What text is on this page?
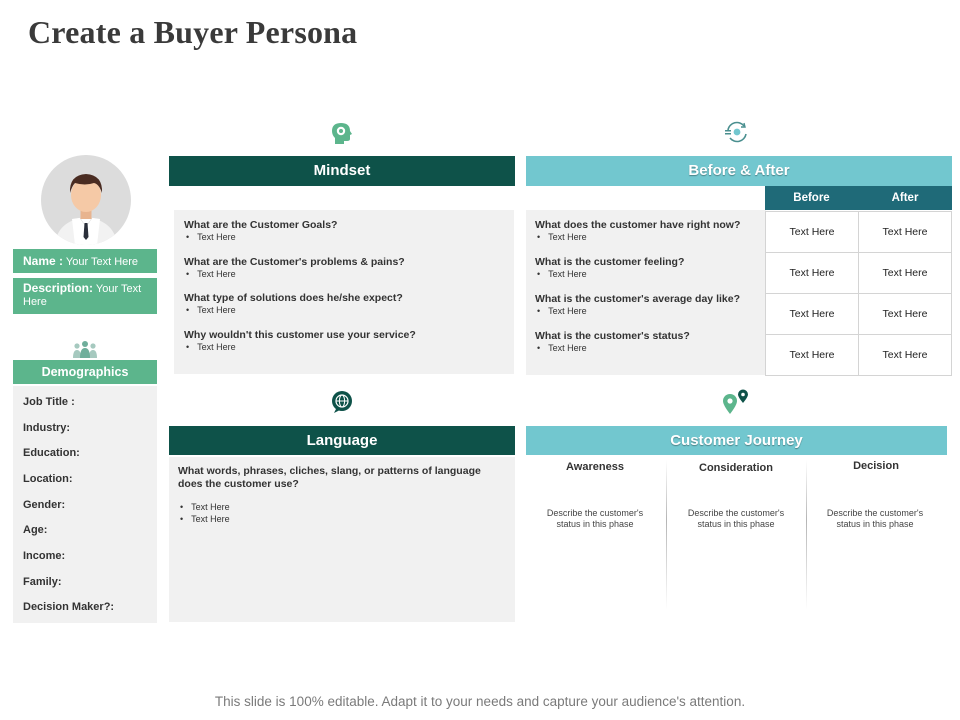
Create a Buyer Persona
Name : Your Text Here
Description: Your Text Here
Demographics
Job Title :
Industry:
Education:
Location:
Gender:
Age:
Income:
Family:
Decision Maker?:
Mindset
What are the Customer Goals?
• Text Here
What are the Customer's problems & pains?
• Text Here
What type of solutions does he/she expect?
• Text Here
Why wouldn't this customer use your service?
• Text Here
Before & After
What does the customer have right now?
• Text Here
What is the customer feeling?
• Text Here
What is the customer's average day like?
• Text Here
What is the customer's status?
• Text Here
Before	After
Text Here	Text Here
Text Here	Text Here
Text Here	Text Here
Text Here	Text Here
Language
What words, phrases, cliches, slang, or patterns of language does the customer use?
• Text Here
• Text Here
Customer Journey
Awareness
Describe the customer's status in this phase
Consideration
Describe the customer's status in this phase
Decision
Describe the customer's status in this phase
This slide is 100% editable. Adapt it to your needs and capture your audience's attention.
